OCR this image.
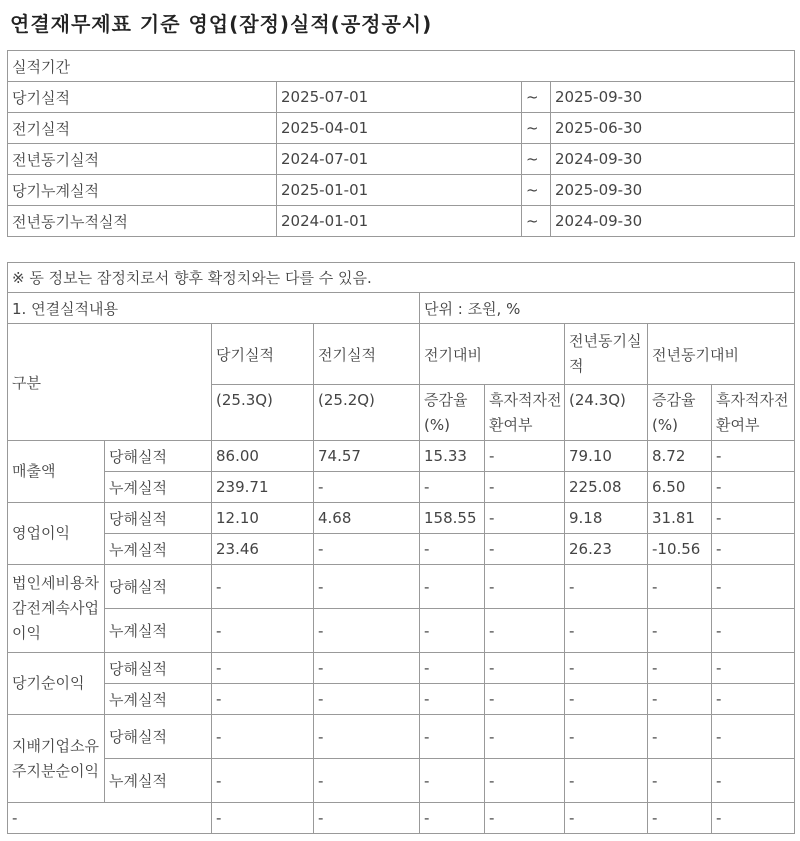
연결재무제표 기준 영업(잠정)실적(공정공시)
실적기간			
당기실적	2025-07-01	~	2025-09-30
전기실적	2025-04-01	~	2025-06-30
전년동기실적	2024-07-01	~	2024-09-30
당기누계실적	2025-01-01	~	2025-09-30
전년동기누적실적	2024-01-01	~	2024-09-30
※ 동 정보는 잠정치로서 향후 확정치와는 다를 수 있음.								
1. 연결실적내용				단위 : 조원, %				
구분		당기실적	전기실적	전기대비		전년동기실적	전년동기대비	
		(25.3Q)	(25.2Q)	증감율(%)	흑자적자전환여부	(24.3Q)	증감율(%)	흑자적자전환여부
매출액	당해실적	86.00	74.57	15.33	-	79.10	8.72	-
	누계실적	239.71	-	-	-	225.08	6.50	-
영업이익	당해실적	12.10	4.68	158.55	-	9.18	31.81	-
	누계실적	23.46	-	-	-	26.23	-10.56	-
법인세비용차감전계속사업이익	당해실적	-	-	-	-	-	-	-
	누계실적	-	-	-	-	-	-	-
당기순이익	당해실적	-	-	-	-	-	-	-
	누계실적	-	-	-	-	-	-	-
지배기업소유주지분순이익	당해실적	-	-	-	-	-	-	-
	누계실적	-	-	-	-	-	-	-
-		-	-	-	-	-	-	-
